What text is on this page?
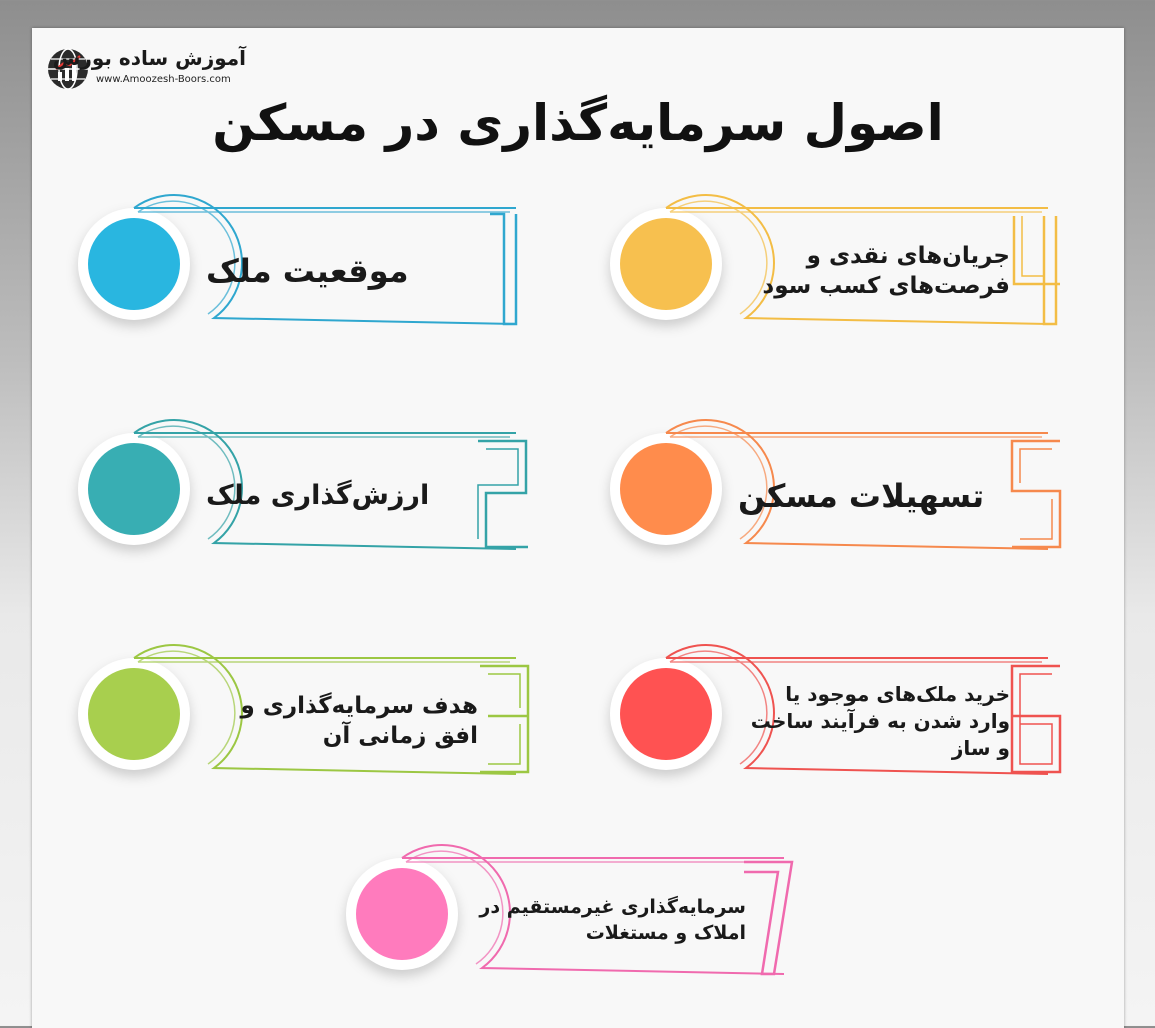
آموزش ساده بورس
www.Amoozesh-Boors.com
اصول سرمایه‌گذاری در مسکن
موقعیت ملک
ارزش‌گذاری ملک
هدف سرمایه‌گذاری و افق زمانی آن
جریان‌های نقدی و فرصت‌های کسب سود
تسهیلات مسکن
خرید ملک‌های موجود یا وارد شدن به فرآیند ساخت و ساز
سرمایه‌گذاری غیرمستقیم در املاک و مستغلات
